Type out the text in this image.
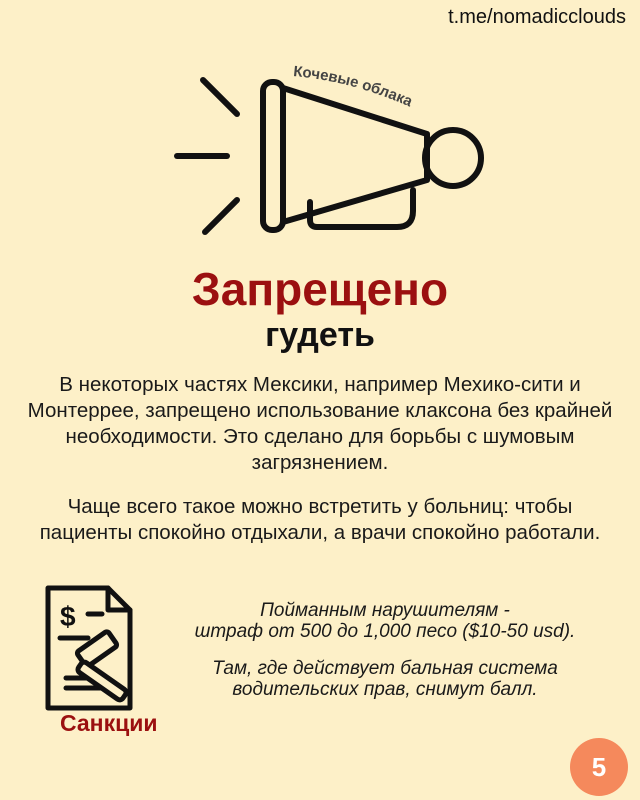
t.me/nomadicclouds
Кочевые облака
Запрещено
гудеть
В некоторых частях Мексики, например Мехико-сити и Монтеррее, запрещено использование клаксона без крайней необходимости. Это сделано для борьбы с шумовым загрязнением.
Чаще всего такое можно встретить у больниц: чтобы пациенты спокойно отдыхали, а врачи спокойно работали.
$
Санкции
Пойманным нарушителям -
штраф от 500 до 1,000 песо ($10-50 usd).
Там, где действует бальная система
водительских прав, снимут балл.
5
